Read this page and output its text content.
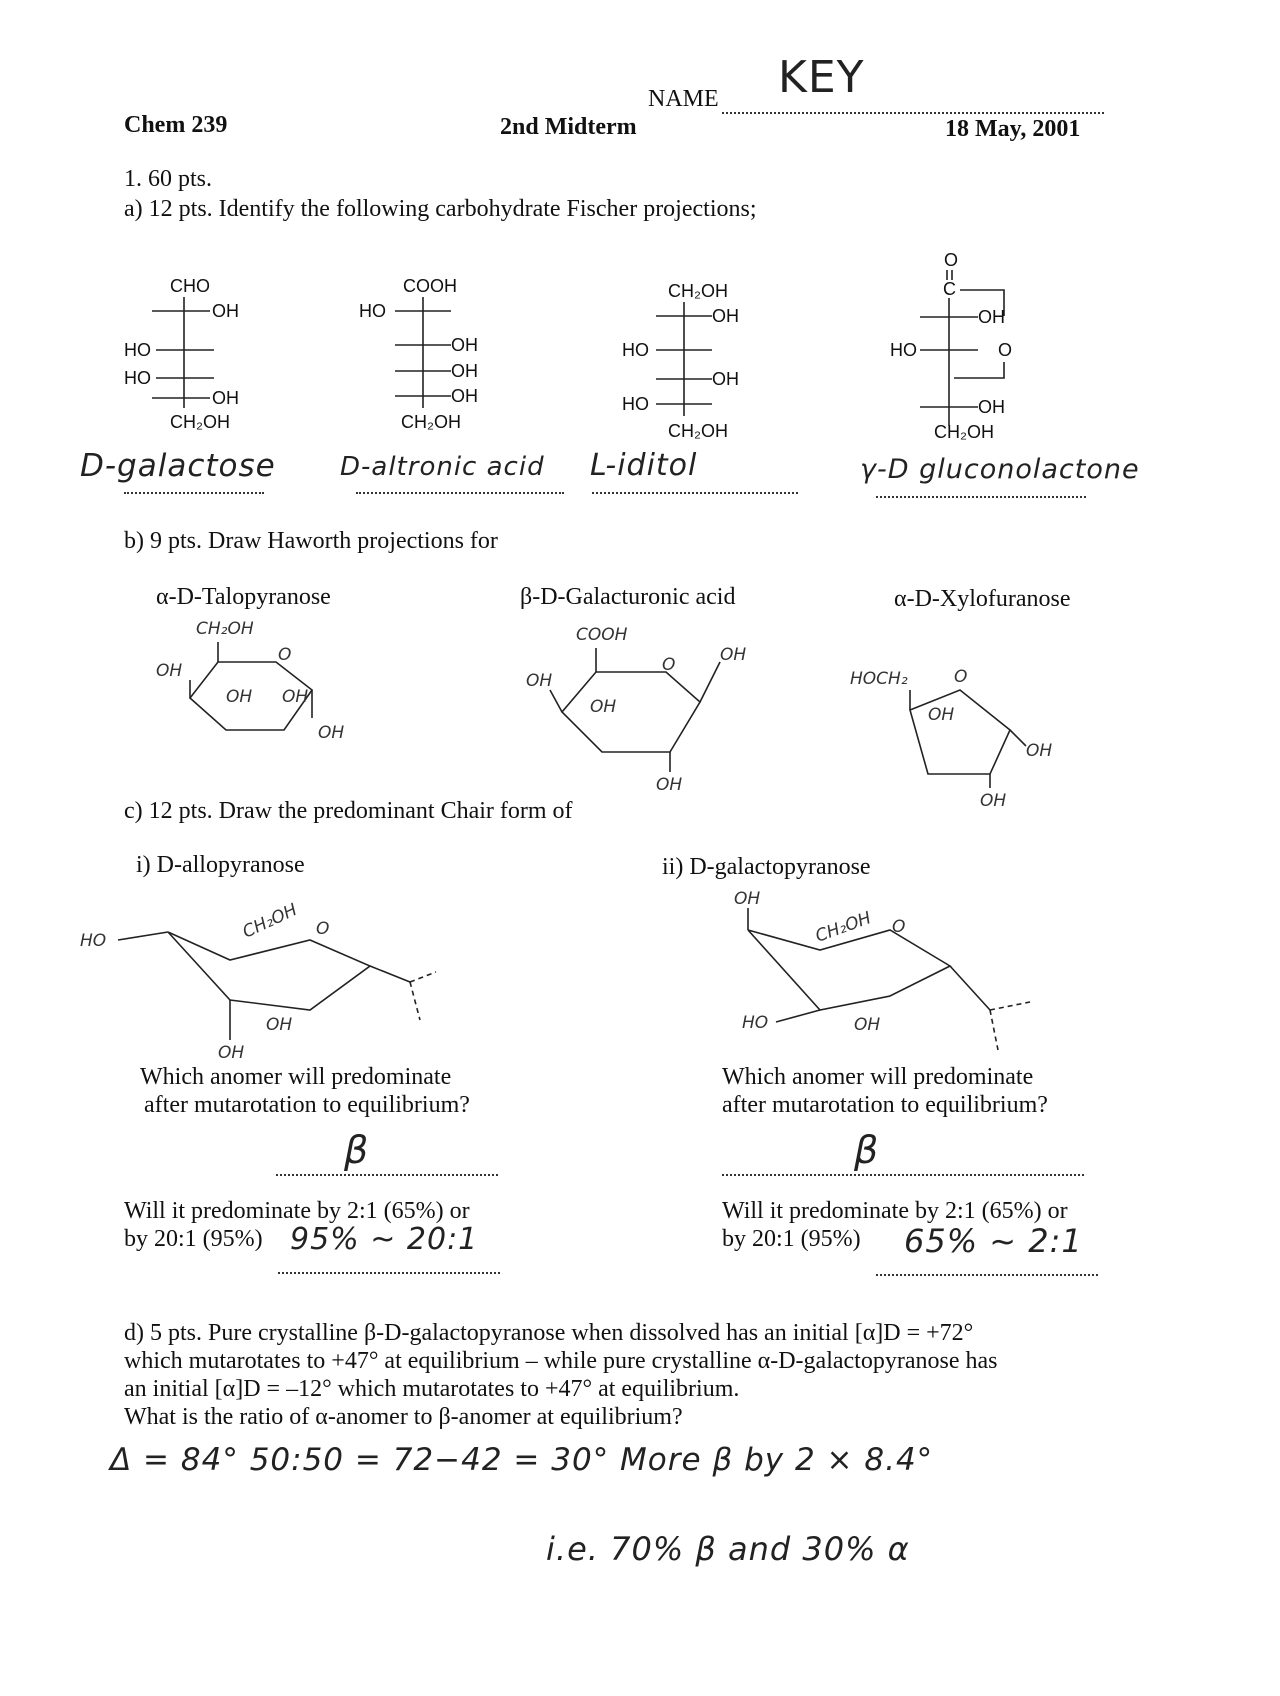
Chem 239	2nd Midterm	18 May, 2001
NAME KEY
1. 60 pts.
a) 12 pts. Identify the following carbohydrate Fischer projections;
CHO
OH
HO
HO
OH
CH₂OH
COOH
HO
OH
OH
OH
CH₂OH
CH₂OH
OH
HO
OH
HO
CH₂OH
O
C
OH
HO	O
OH
CH₂OH
D-galactose D-altronic acid L-iditol	γ-D gluconolactone
b) 9 pts. Draw Haworth projections for
α-D-Talopyranose	β-D-Galacturonic acid	α-D-Xylofuranose
CH₂OH
O
OH
OH OH
OH
COOH
O
OH
OH
OH
OH
HOCH₂	O
OH
OH
OH
c) 12 pts. Draw the predominant Chair form of
i) D-allopyranose	ii) D-galactopyranose
HO	CH₂OH O
OH
OH
OH
CH₂OH O
HO	OH
Which anomer will predominate
after mutarotation to equilibrium?
β
Will it predominate by 2:1 (65%) or
by 20:1 (95%) 95% ~ 20:1
Which anomer will predominate
after mutarotation to equilibrium?
β
Will it predominate by 2:1 (65%) or
by 20:1 (95%) 65% ~ 2:1
d) 5 pts. Pure crystalline β-D-galactopyranose when dissolved has an initial [α]D = +72°
which mutarotates to +47° at equilibrium – while pure crystalline α-D-galactopyranose has
an initial [α]D = –12° which mutarotates to +47° at equilibrium.
What is the ratio of α-anomer to β-anomer at equilibrium?
Δ = 84° 50:50 = 72−42 = 30° More β by 2 × 8.4°
i.e. 70% β and 30% α
